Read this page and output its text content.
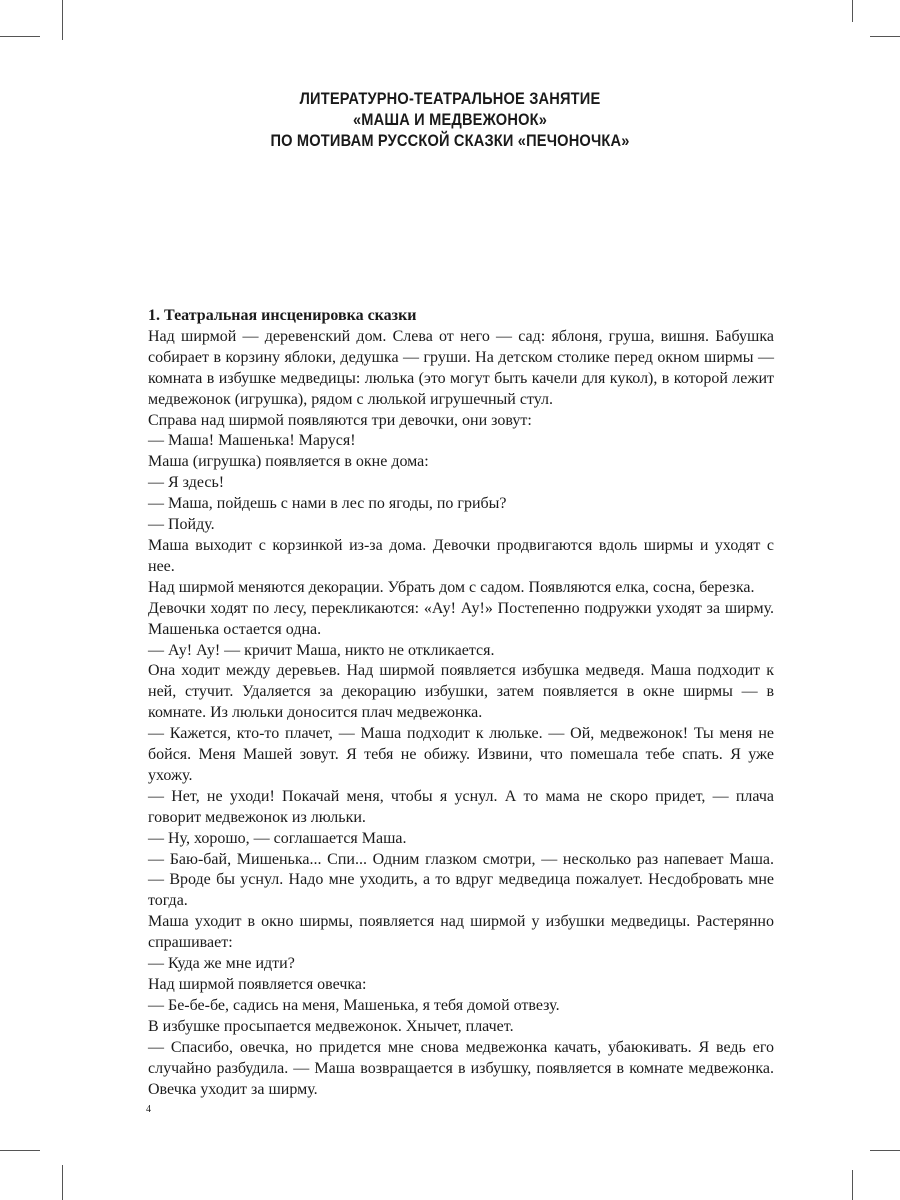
ЛИТЕРАТУРНО-ТЕАТРАЛЬНОЕ ЗАНЯТИЕ
«МАША И МЕДВЕЖОНОК»
ПО МОТИВАМ РУССКОЙ СКАЗКИ «ПЕЧОНОЧКА»

1. Театральная инсценировка сказки

Над ширмой — деревенский дом. Слева от него — сад: яблоня, груша, вишня. Бабушка собирает в корзину яблоки, дедушка — груши. На детском столике перед окном ширмы — комната в избушке медведицы: люлька (это могут быть качели для кукол), в которой лежит медвежонок (игрушка), рядом с люлькой игрушечный стул.

Справа над ширмой появляются три девочки, они зовут:

— Маша! Машенька! Маруся!

Маша (игрушка) появляется в окне дома:

— Я здесь!

— Маша, пойдешь с нами в лес по ягоды, по грибы?

— Пойду.

Маша выходит с корзинкой из-за дома. Девочки продвигаются вдоль ширмы и уходят с нее.

Над ширмой меняются декорации. Убрать дом с садом. Появляются елка, сосна, березка.

Девочки ходят по лесу, перекликаются: «Ау! Ау!» Постепенно подружки уходят за ширму. Машенька остается одна.

— Ау! Ау! — кричит Маша, никто не откликается.

Она ходит между деревьев. Над ширмой появляется избушка медведя. Маша подходит к ней, стучит. Удаляется за декорацию избушки, затем появляется в окне ширмы — в комнате. Из люльки доносится плач медвежонка.

— Кажется, кто-то плачет, — Маша подходит к люльке. — Ой, медвежонок! Ты меня не бойся. Меня Машей зовут. Я тебя не обижу. Извини, что помешала тебе спать. Я уже ухожу.

— Нет, не уходи! Покачай меня, чтобы я уснул. А то мама не скоро придет, — плача говорит медвежонок из люльки.

— Ну, хорошо, — соглашается Маша.

— Баю-бай, Мишенька... Спи... Одним глазком смотри, — несколько раз напевает Маша. — Вроде бы уснул. Надо мне уходить, а то вдруг медведица пожалует. Несдобровать мне тогда.

Маша уходит в окно ширмы, появляется над ширмой у избушки медведицы. Растерянно спрашивает:

— Куда же мне идти?

Над ширмой появляется овечка:

— Бе-бе-бе, садись на меня, Машенька, я тебя домой отвезу.

В избушке просыпается медвежонок. Хнычет, плачет.

— Спасибо, овечка, но придется мне снова медвежонка качать, убаюкивать. Я ведь его случайно разбудила. — Маша возвращается в избушку, появляется в комнате медвежонка. Овечка уходит за ширму.

4
